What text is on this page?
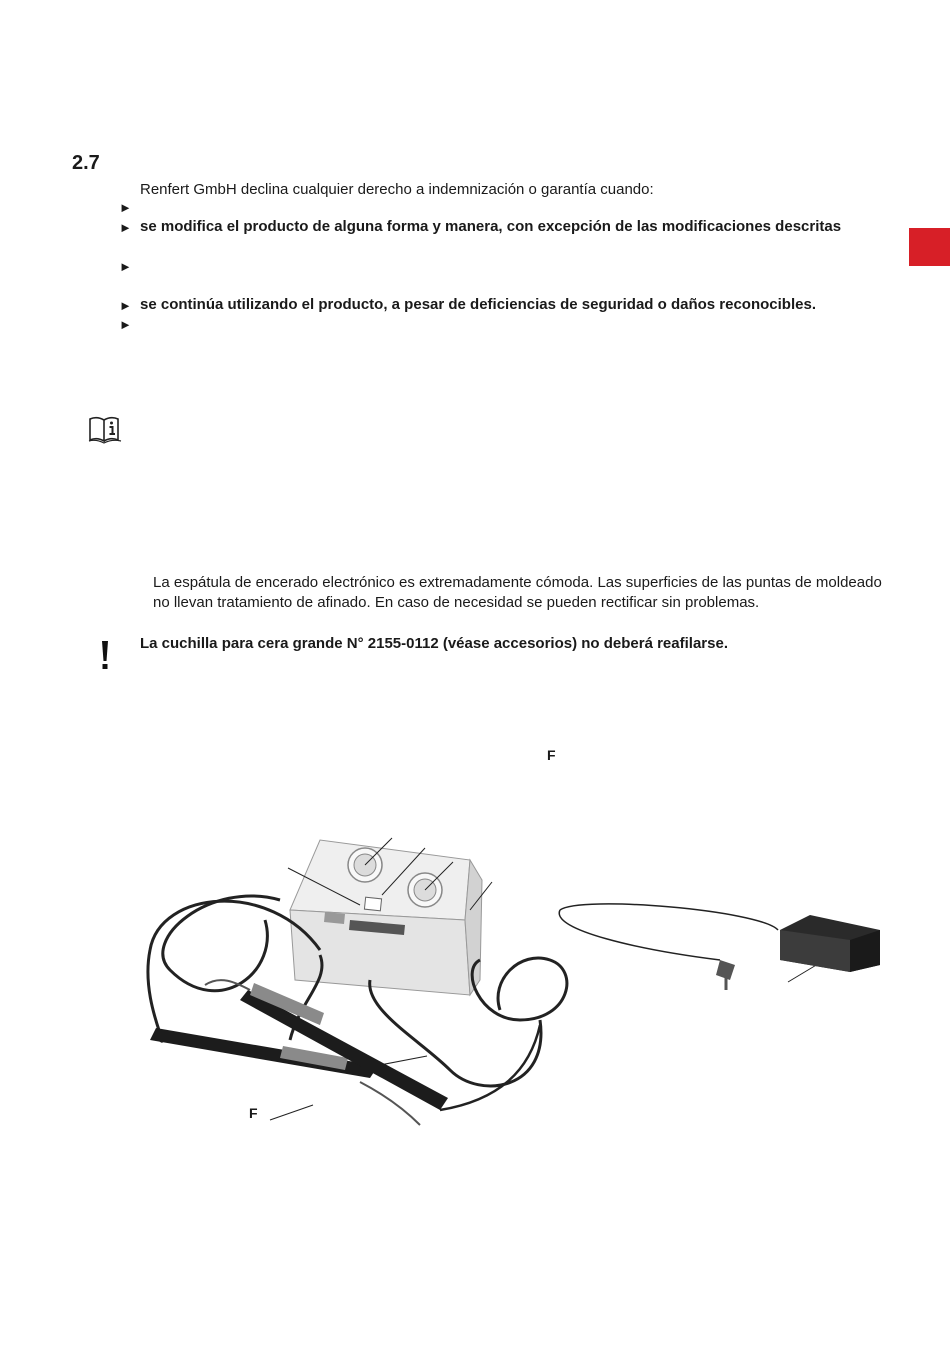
2.7
Renfert GmbH declina cualquier derecho a indemnización o garantía cuando:
►
► se modifica el producto de alguna forma y manera, con excepción de las modificaciones descritas
►
► se continúa utilizando el producto, a pesar de deficiencias de seguridad o daños reconocibles.
►
La espátula de encerado electrónico es extremadamente cómoda. Las superficies de las puntas de moldeado no llevan tratamiento de afinado. En caso de necesidad se pueden rectificar sin problemas.
La cuchilla para cera grande N° 2155-0112 (véase accesorios) no deberá reafilarse.
F
F
